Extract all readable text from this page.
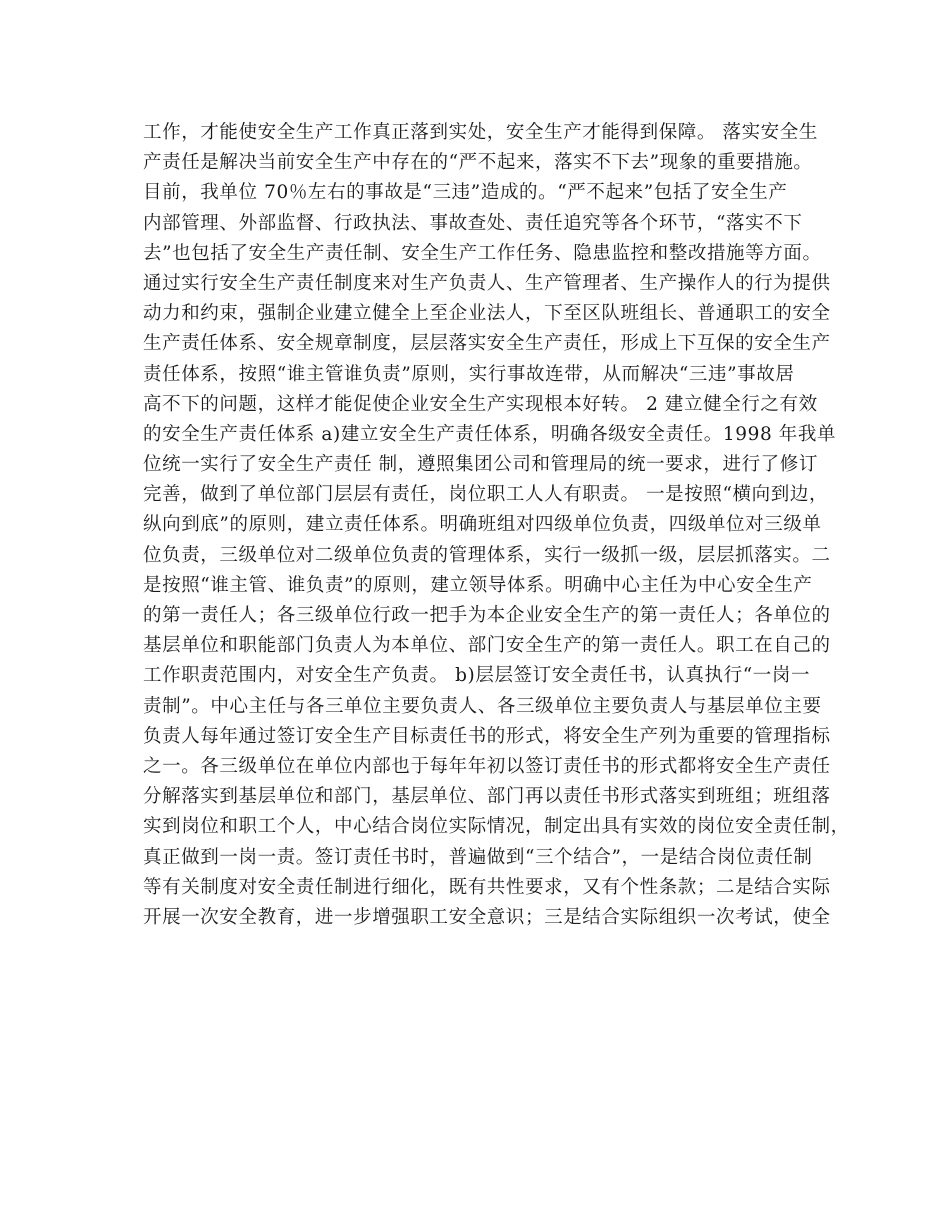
工作，才能使安全生产工作真正落到实处，安全生产才能得到保障。 落实安全生
产责任是解决当前安全生产中存在的“严不起来，落实不下去”现象的重要措施。
目前，我单位 70％左右的事故是“三违”造成的。“严不起来”包括了安全生产
内部管理、外部监督、行政执法、事故查处、责任追究等各个环节，“落实不下
去”也包括了安全生产责任制、安全生产工作任务、隐患监控和整改措施等方面。
通过实行安全生产责任制度来对生产负责人、生产管理者、生产操作人的行为提供
动力和约束，强制企业建立健全上至企业法人，下至区队班组长、普通职工的安全
生产责任体系、安全规章制度，层层落实安全生产责任，形成上下互保的安全生产
责任体系，按照“谁主管谁负责”原则，实行事故连带，从而解决“三违”事故居
高不下的问题，这样才能促使企业安全生产实现根本好转。 2 建立健全行之有效
的安全生产责任体系 a)建立安全生产责任体系，明确各级安全责任。1998 年我单
位统一实行了安全生产责任 制，遵照集团公司和管理局的统一要求，进行了修订
完善，做到了单位部门层层有责任，岗位职工人人有职责。 一是按照“横向到边，
纵向到底”的原则，建立责任体系。明确班组对四级单位负责，四级单位对三级单
位负责，三级单位对二级单位负责的管理体系，实行一级抓一级，层层抓落实。二
是按照“谁主管、谁负责”的原则，建立领导体系。明确中心主任为中心安全生产
的第一责任人；各三级单位行政一把手为本企业安全生产的第一责任人；各单位的
基层单位和职能部门负责人为本单位、部门安全生产的第一责任人。职工在自己的
工作职责范围内，对安全生产负责。 b)层层签订安全责任书，认真执行“一岗一
责制”。中心主任与各三单位主要负责人、各三级单位主要负责人与基层单位主要
负责人每年通过签订安全生产目标责任书的形式，将安全生产列为重要的管理指标
之一。各三级单位在单位内部也于每年年初以签订责任书的形式都将安全生产责任
分解落实到基层单位和部门，基层单位、部门再以责任书形式落实到班组；班组落
实到岗位和职工个人，中心结合岗位实际情况，制定出具有实效的岗位安全责任制，
真正做到一岗一责。签订责任书时，普遍做到“三个结合”，一是结合岗位责任制
等有关制度对安全责任制进行细化，既有共性要求，又有个性条款；二是结合实际
开展一次安全教育，进一步增强职工安全意识；三是结合实际组织一次考试，使全
